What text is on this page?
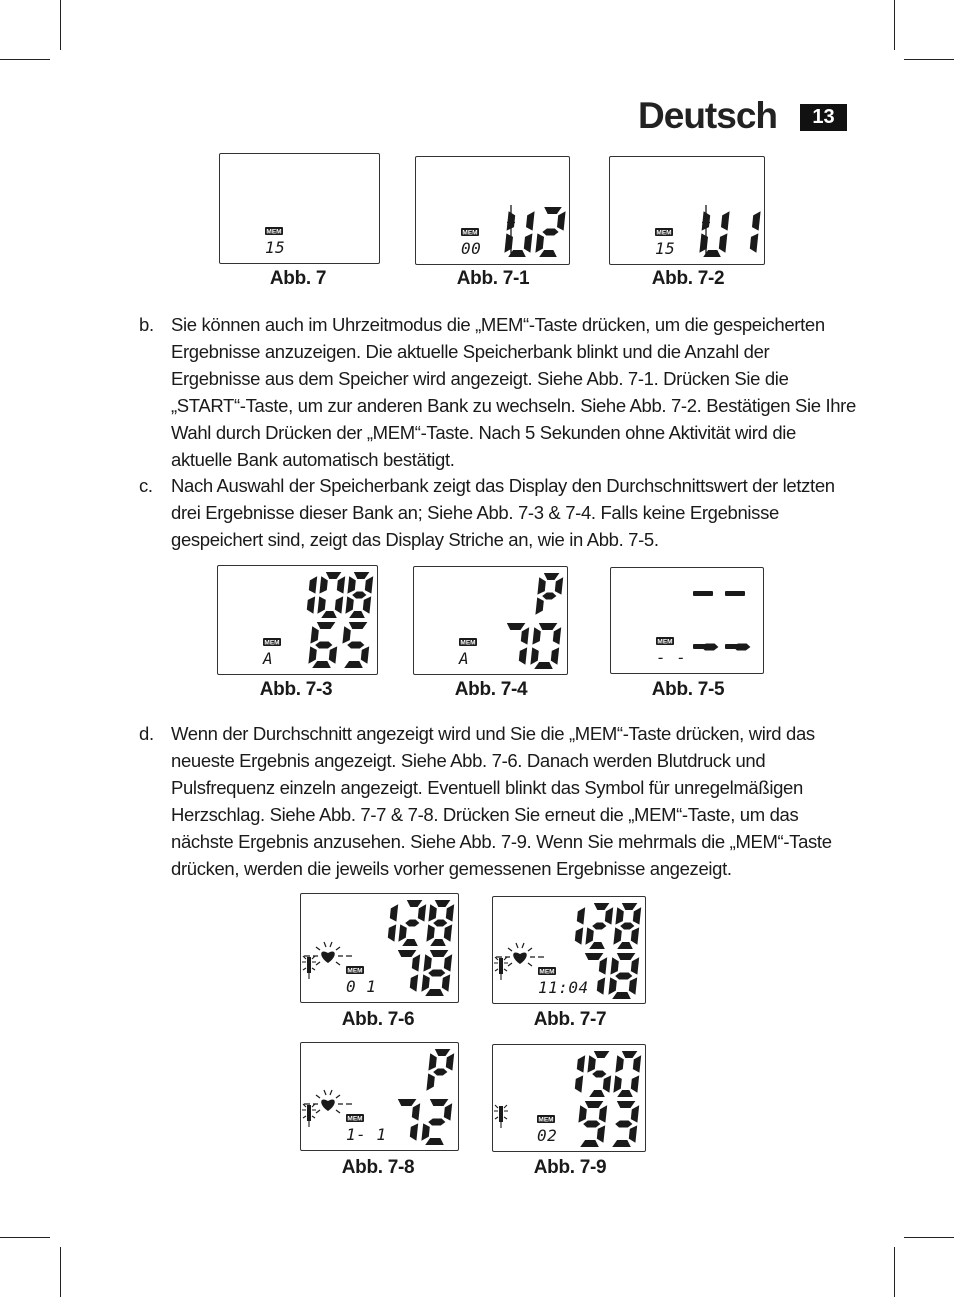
Deutsch	13
MEM
15
MEM
00
MEM
15
Abb. 7	Abb. 7-1	Abb. 7-2
b. Sie können auch im Uhrzeitmodus die „MEM“-Taste drücken, um die gespeicherten Ergebnisse anzuzeigen. Die aktuelle Speicherbank blinkt und die Anzahl der Ergebnisse aus dem Speicher wird angezeigt. Siehe Abb. 7-1. Drücken Sie die „START“-Taste, um zur anderen Bank zu wechseln. Siehe Abb. 7-2. Bestätigen Sie Ihre Wahl durch Drücken der „MEM“-Taste. Nach 5 Sekunden ohne Aktivität wird die aktuelle Bank automatisch bestätigt.
c. Nach Auswahl der Speicherbank zeigt das Display den Durchschnittswert der letzten drei Ergebnisse dieser Bank an; Siehe Abb. 7-3 & 7-4. Falls keine Ergebnisse gespeichert sind, zeigt das Display Striche an, wie in Abb. 7-5.
MEM
A
MEM
A
MEM
- -
Abb. 7-3	Abb. 7-4	Abb. 7-5
d. Wenn der Durchschnitt angezeigt wird und Sie die „MEM“-Taste drücken, wird das neueste Ergebnis angezeigt. Siehe Abb. 7-6. Danach werden Blutdruck und Pulsfrequenz einzeln angezeigt. Eventuell blinkt das Symbol für unregelmäßigen Herzschlag. Siehe Abb. 7-7 & 7-8. Drücken Sie erneut die „MEM“-Taste, um das nächste Ergebnis anzusehen. Siehe Abb. 7-9. Wenn Sie mehrmals die „MEM“-Taste drücken, werden die jeweils vorher gemessenen Ergebnisse angezeigt.
MEM
0 1
MEM
11:04
Abb. 7-6	Abb. 7-7
MEM
1- 1
MEM
02
Abb. 7-8	Abb. 7-9
